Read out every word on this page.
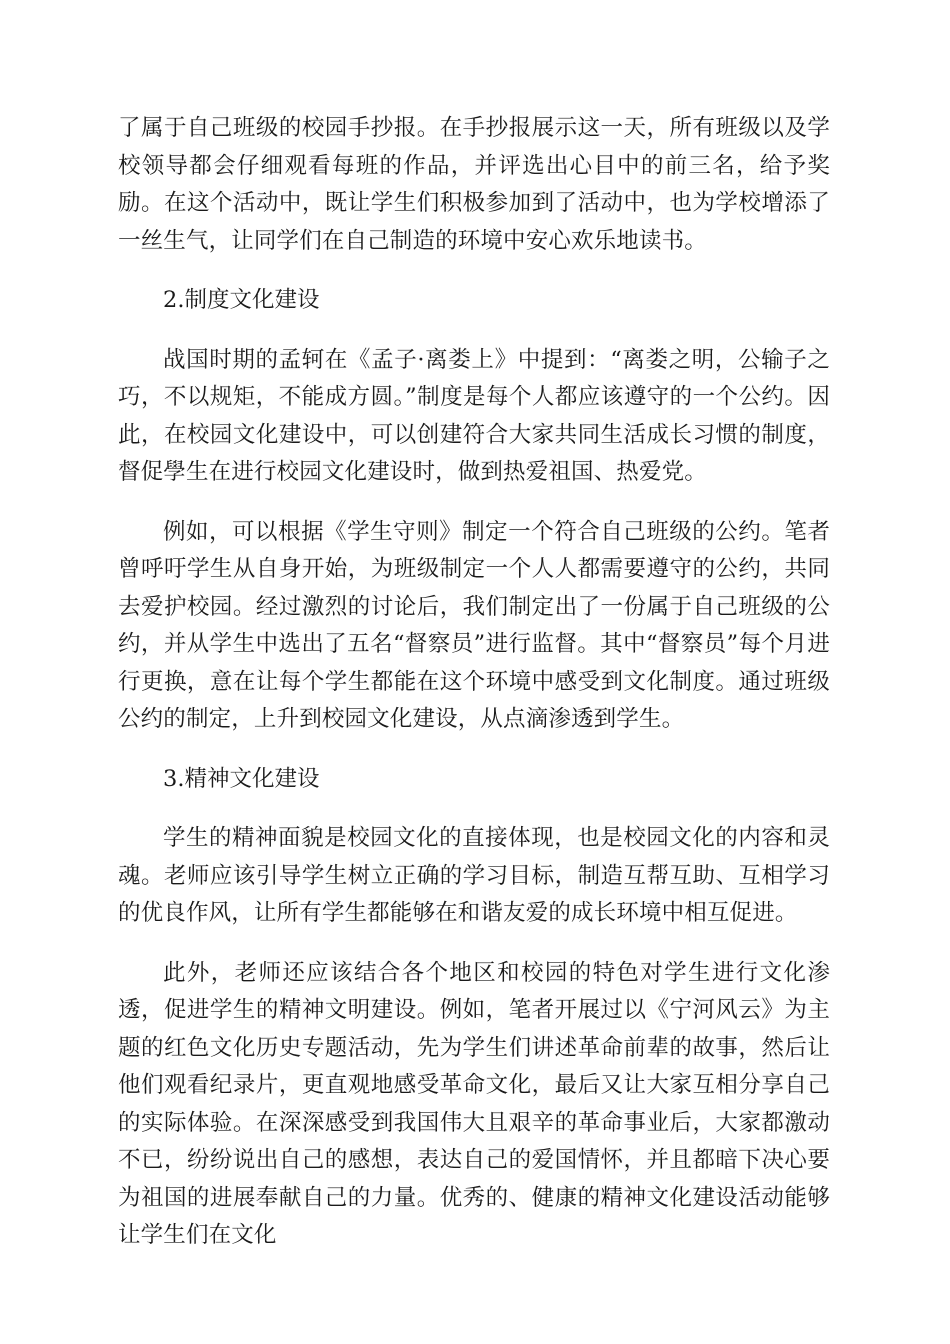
了属于自己班级的校园手抄报。在手抄报展示这一天，所有班级以及学校领导都会仔细观看每班的作品，并评选出心目中的前三名，给予奖励。在这个活动中，既让学生们积极参加到了活动中，也为学校增添了一丝生气，让同学们在自己制造的环境中安心欢乐地读书。

2.制度文化建设

战国时期的孟轲在《孟子·离娄上》中提到：“离娄之明，公输子之巧，不以规矩，不能成方圆。”制度是每个人都应该遵守的一个公约。因此，在校园文化建设中，可以创建符合大家共同生活成长习惯的制度，督促學生在进行校园文化建设时，做到热爱祖国、热爱党。

例如，可以根据《学生守则》制定一个符合自己班级的公约。笔者曾呼吁学生从自身开始，为班级制定一个人人都需要遵守的公约，共同去爱护校园。经过激烈的讨论后，我们制定出了一份属于自己班级的公约，并从学生中选出了五名“督察员”进行监督。其中“督察员”每个月进行更换，意在让每个学生都能在这个环境中感受到文化制度。通过班级公约的制定，上升到校园文化建设，从点滴渗透到学生。

3.精神文化建设

学生的精神面貌是校园文化的直接体现，也是校园文化的内容和灵魂。老师应该引导学生树立正确的学习目标，制造互帮互助、互相学习的优良作风，让所有学生都能够在和谐友爱的成长环境中相互促进。

此外，老师还应该结合各个地区和校园的特色对学生进行文化渗透，促进学生的精神文明建设。例如，笔者开展过以《宁河风云》为主题的红色文化历史专题活动，先为学生们讲述革命前辈的故事，然后让他们观看纪录片，更直观地感受革命文化，最后又让大家互相分享自己的实际体验。在深深感受到我国伟大且艰辛的革命事业后，大家都激动不已，纷纷说出自己的感想，表达自己的爱国情怀，并且都暗下决心要为祖国的进展奉献自己的力量。优秀的、健康的精神文化建设活动能够让学生们在文化
